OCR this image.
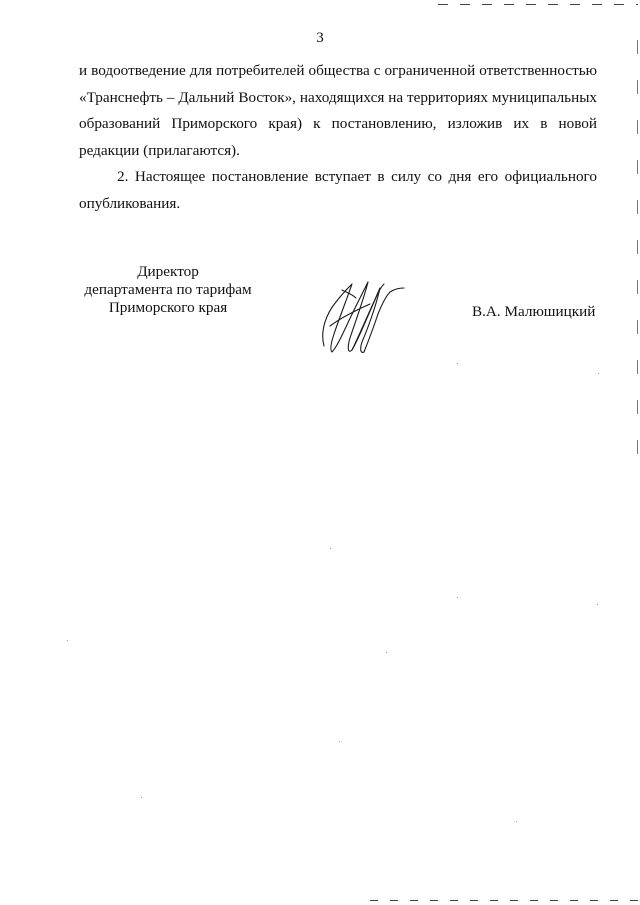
3

и водоотведение для потребителей общества с ограниченной ответственностью

«Транснефть – Дальний Восток», находящихся на территориях муниципальных

образований Приморского края) к постановлению, изложив их в новой

редакции (прилагаются).

2. Настоящее постановление вступает в силу со дня его официального

опубликования.

Директор
департамента по тарифам
Приморского края	В.А. Малюшицкий
